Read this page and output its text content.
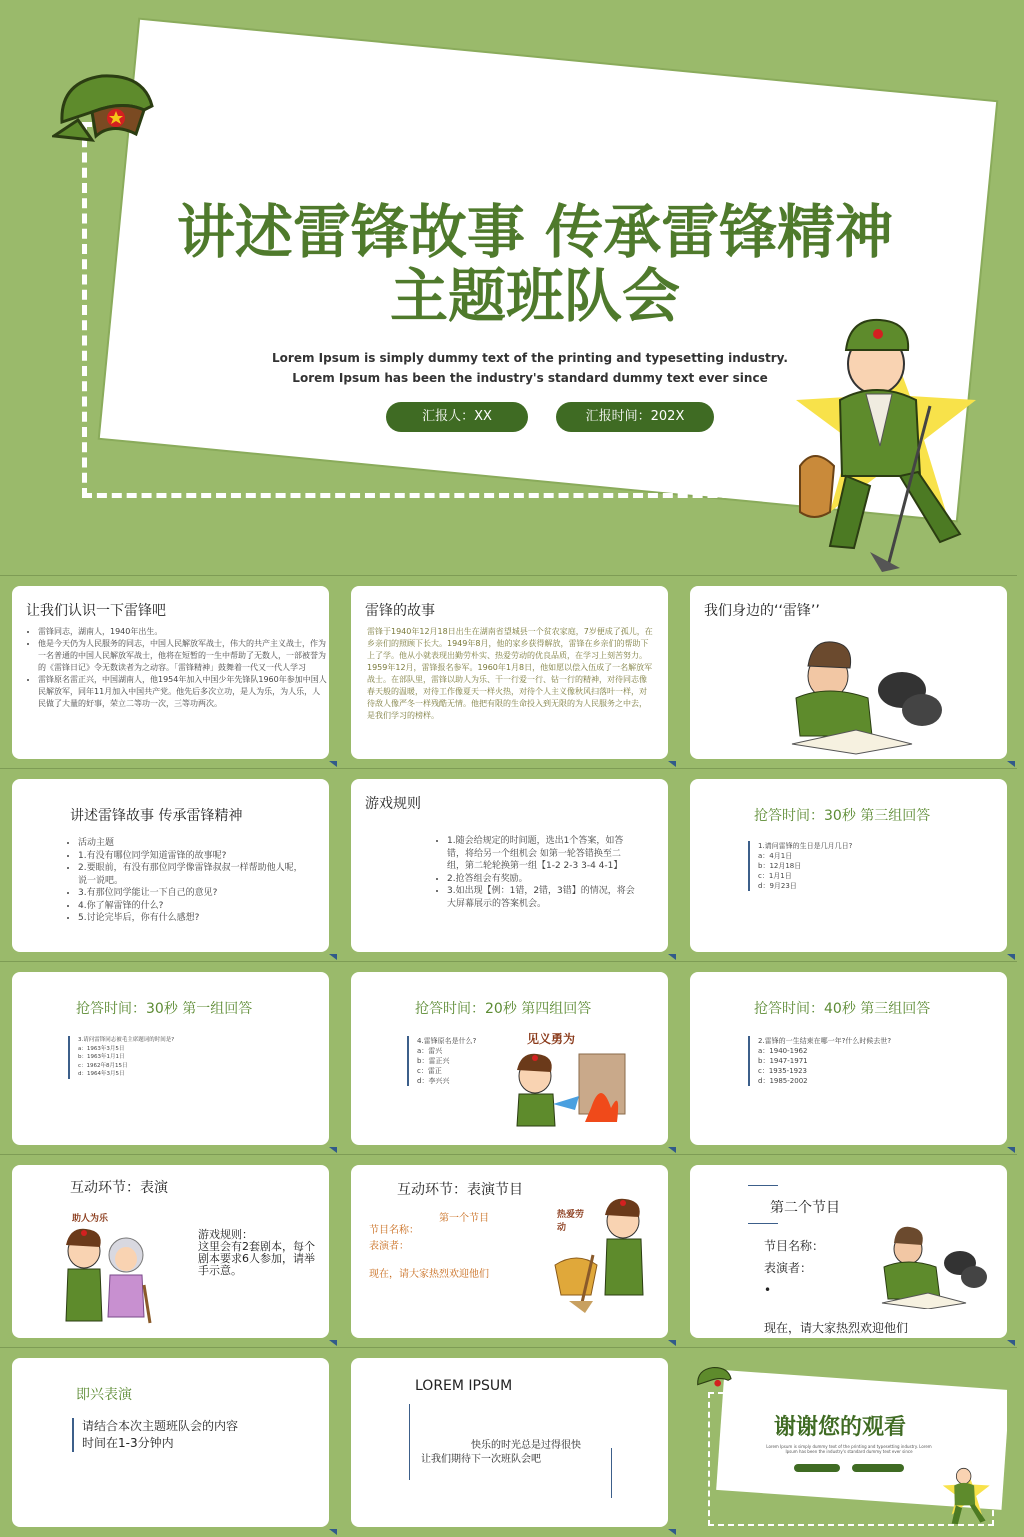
讲述雷锋故事 传承雷锋精神
主题班队会
Lorem Ipsum is simply dummy text of the printing and typesetting industry.
Lorem Ipsum has been the industry's standard dummy text ever since
汇报人：XX	汇报时间：202X
让我们认识一下雷锋吧
• 雷锋同志，湖南人，1940年出生。
• 他是今天仍为人民服务的同志，中国人民解放军战士，伟大的共产主义战士，作为一名普通的中国人民解放军战士，他将在短暂的一生中帮助了无数人，一部被誉为的《雷锋日记》令无数读者为之动容。「雷锋精神」鼓舞着一代又一代人学习
• 雷锋原名雷正兴，中国湖南人，他1954年加入中国少年先锋队1960年参加中国人民解放军，同年11月加入中国共产党。他先后多次立功，是人为乐，为人乐，人民做了大量的好事，荣立二等功一次，三等功两次。
雷锋的故事
雷锋于1940年12月18日出生在湖南省望城县一个贫农家庭，7岁便成了孤儿，在乡亲们的照顾下长大。1949年8月，他的家乡获得解放，雷锋在乡亲们的帮助下上了学。他从小就表现出勤劳朴实、热爱劳动的优良品质，在学习上刻苦努力。1959年12月，雷锋报名参军。1960年1月8日，他如愿以偿入伍成了一名解放军战士。在部队里，雷锋以助人为乐、干一行爱一行、钻一行的精神，对待同志像春天般的温暖，对待工作像夏天一样火热，对待个人主义像秋风扫落叶一样，对待敌人像严冬一样残酷无情。他把有限的生命投入到无限的为人民服务之中去，是我们学习的榜样。
我们身边的‘‘雷锋’’
讲述雷锋故事 传承雷锋精神
• 活动主题
• 1.有没有哪位同学知道雷锋的故事呢?
• 2.要眼前，有没有那位同学像雷锋叔叔一样帮助他人呢，说一说吧。
• 3.有那位同学能让一下自己的意见?
• 4.你了解雷锋的什么?
• 5.讨论完毕后，你有什么感想?
游戏规则
• 1.随会给规定的时间题，选出1个答案，如答错，将给另一个组机会 如第一轮答错换至二组，第二轮轮换第一组【1-2 2-3 3-4 4-1】
• 2.抢答组会有奖励。
• 3.如出现【例：1错，2错，3错】的情况，将会大屏幕展示的答案机会。
抢答时间：30秒 第三组回答
1.请问雷锋的生日是几月几日?
a：4月1日
b：12月18日
c：1月1日
d：9月23日
抢答时间：30秒 第一组回答
3.请问雷锋同志被毛主席题词的时间是?
a：1963年3月5日
b：1963年1月1日
c：1962年8月15日
d：1964年3月5日
抢答时间：20秒 第四组回答
4.雷锋原名是什么?
a：雷兴
b：雷正兴
c：雷正
d：李兴兴
见义勇为
抢答时间：40秒 第三组回答
2.雷锋的一生结束在哪一年?什么时候去世?
a：1940-1962
b：1947-1971
c：1935-1923
d：1985-2002
互动环节：表演
助人为乐
游戏规则：
这里会有2套剧本，每个剧本要求6人参加，请举手示意。
互动环节：表演节目
第一个节目
节目名称：
表演者：
现在，请大家热烈欢迎他们
热爱劳动
第二个节目
节目名称：
表演者：
•
现在，请大家热烈欢迎他们
即兴表演
请结合本次主题班队会的内容
时间在1-3分钟内
LOREM IPSUM
快乐的时光总是过得很快
让我们期待下一次班队会吧
谢谢您的观看
Lorem Ipsum is simply dummy text of the printing and typesetting industry. Lorem Ipsum has been the industry's standard dummy text ever since
